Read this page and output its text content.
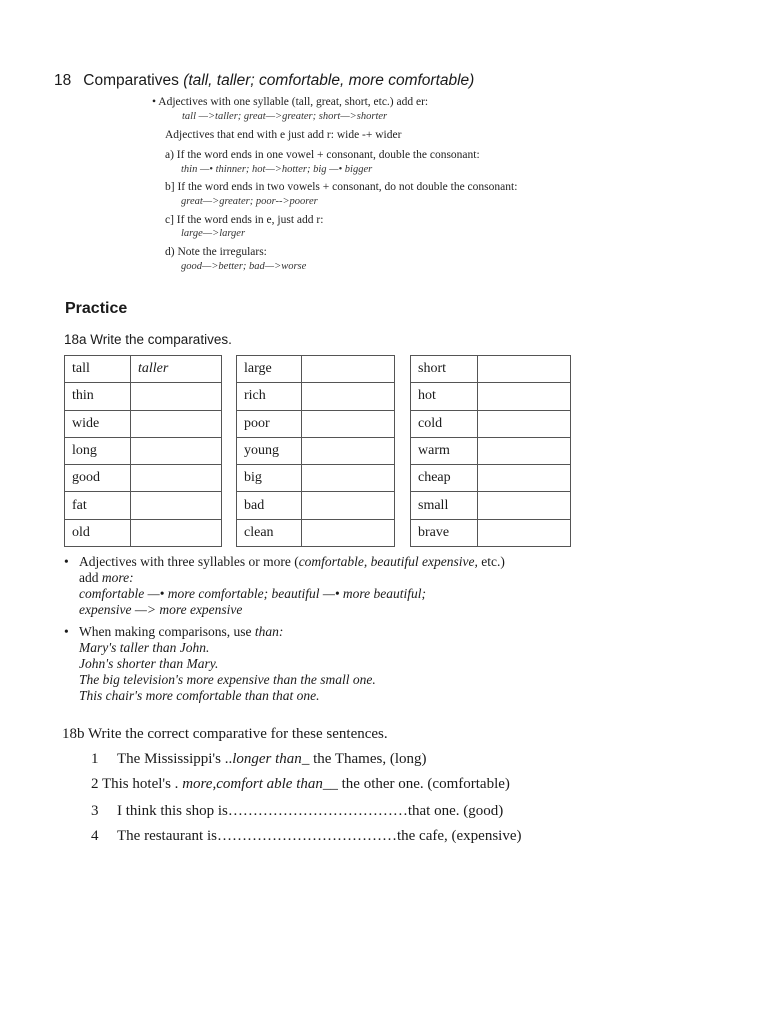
18 Comparatives (tall, taller; comfortable, more comfortable)
• Adjectives with one syllable (tall, great, short, etc.) add er:
tall —>taller; great—>greater; short—>shorter
Adjectives that end with e just add r: wide -+ wider
a) If the word ends in one vowel + consonant, double the consonant:
thin —• thinner; hot—>hotter; big —• bigger
b] If the word ends in two vowels + consonant, do not double the consonant:
great—>greater; poor-->poorer
c] If the word ends in e, just add r:
large—>larger
d) Note the irregulars:
good—>better; bad—>worse
Practice
18a Write the comparatives.
tall	taller
thin	
wide	
long	
good	
fat	
old	
large	
rich	
poor	
young	
big	
bad	
clean	
short	
hot	
cold	
warm	
cheap	
small	
brave	
• Adjectives with three syllables or more (comfortable, beautiful expensive, etc.)
add more:
comfortable —• more comfortable; beautiful —• more beautiful;
expensive —> more expensive
• When making comparisons, use than:
Mary's taller than John.
John's shorter than Mary.
The big television's more expensive than the small one.
This chair's more comfortable than that one.
18b Write the correct comparative for these sentences.
1 The Mississippi's ..longer than_ the Thames, (long)
2 This hotel's . more,comfort able than__ the other one. (comfortable)
3 I think this shop is………………………………that one. (good)
4 The restaurant is………………………………the cafe, (expensive)
